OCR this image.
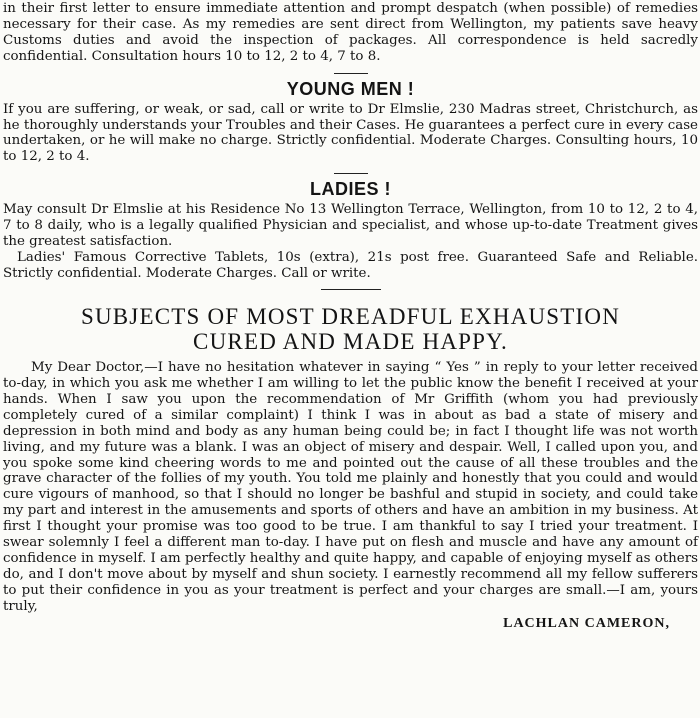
in their first letter to ensure immediate attention and prompt despatch (when possible) of remedies necessary for their case. As my remedies are sent direct from Wellington, my patients save heavy Customs duties and avoid the inspection of packages. All correspondence is held sacredly confidential. Consultation hours 10 to 12, 2 to 4, 7 to 8.

YOUNG MEN !

If you are suffering, or weak, or sad, call or write to Dr Elmslie, 230 Madras street, Christchurch, as he thoroughly understands your Troubles and their Cases. He guarantees a perfect cure in every case undertaken, or he will make no charge. Strictly confidential. Moderate Charges. Consulting hours, 10 to 12, 2 to 4.

LADIES !

May consult Dr Elmslie at his Residence No 13 Wellington Terrace, Wellington, from 10 to 12, 2 to 4, 7 to 8 daily, who is a legally qualified Physician and specialist, and whose up-to-date Treatment gives the greatest satisfaction.

Ladies' Famous Corrective Tablets, 10s (extra), 21s post free. Guaranteed Safe and Reliable. Strictly confidential. Moderate Charges. Call or write.

SUBJECTS OF MOST DREADFUL EXHAUSTION
CURED AND MADE HAPPY.

My Dear Doctor,—I have no hesitation whatever in saying “ Yes ” in reply to your letter received to-day, in which you ask me whether I am willing to let the public know the benefit I received at your hands. When I saw you upon the recommendation of Mr Griffith (whom you had previously completely cured of a similar complaint) I think I was in about as bad a state of misery and depression in both mind and body as any human being could be; in fact I thought life was not worth living, and my future was a blank. I was an object of misery and despair. Well, I called upon you, and you spoke some kind cheering words to me and pointed out the cause of all these troubles and the grave character of the follies of my youth. You told me plainly and honestly that you could and would cure vigours of manhood, so that I should no longer be bashful and stupid in society, and could take my part and interest in the amusements and sports of others and have an ambition in my business. At first I thought your promise was too good to be true. I am thankful to say I tried your treatment. I swear solemnly I feel a different man to-day. I have put on flesh and muscle and have any amount of confidence in myself. I am perfectly healthy and quite happy, and capable of enjoying myself as others do, and I don't move about by myself and shun society. I earnestly recommend all my fellow sufferers to put their confidence in you as your treatment is perfect and your charges are small.—I am, yours truly,

LACHLAN CAMERON,
